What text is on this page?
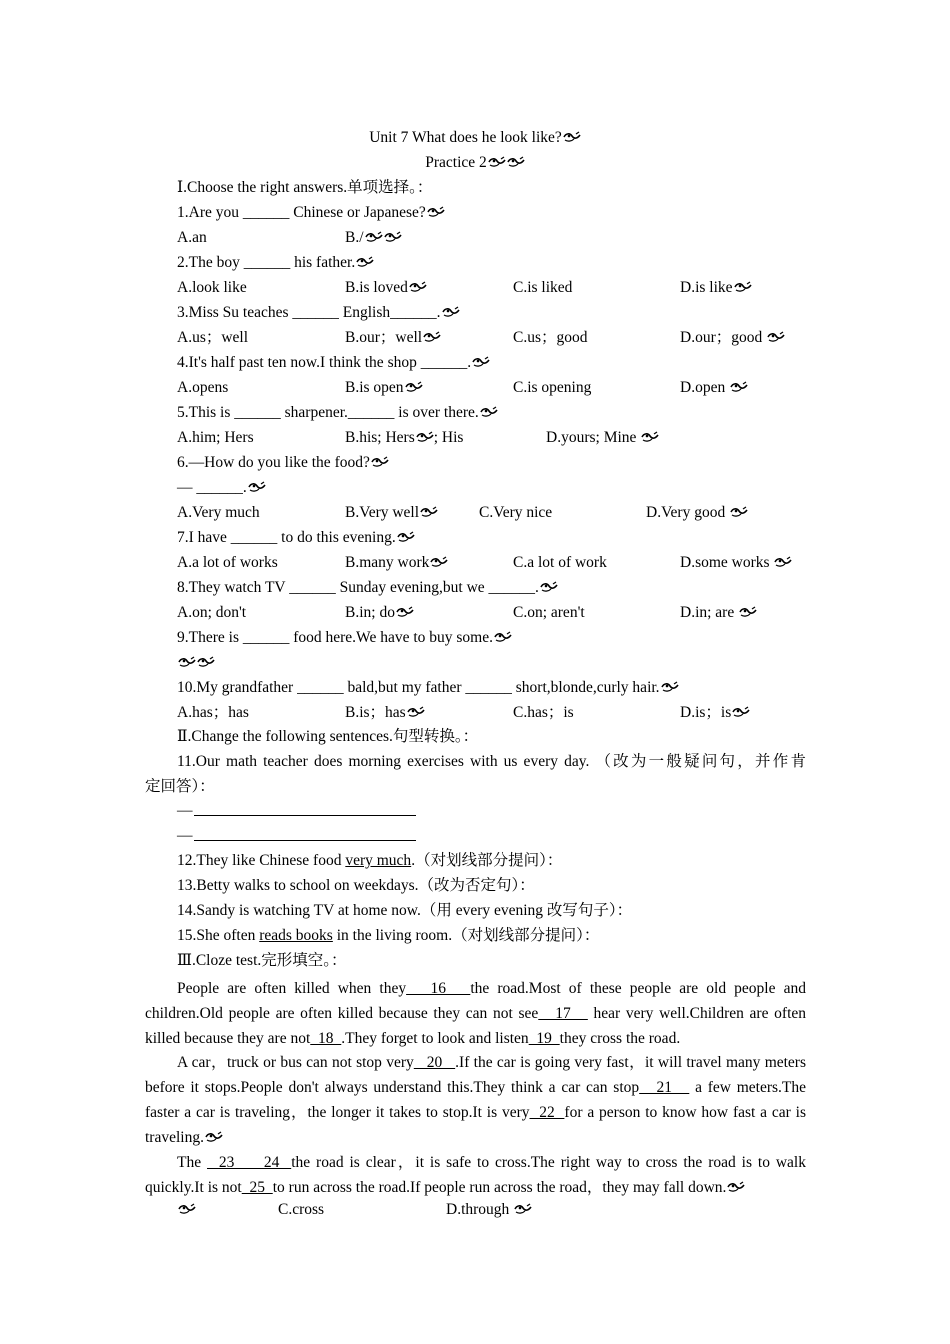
Unit 7 What does he look like?
Practice 2
Ⅰ.Choose the right answers.单项选择。：
1.Are you ______ Chinese or Japanese?
A.an	B./
2.The boy ______ his father.
A.look like	B.is loved	C.is liked	D.is like
3.Miss Su teaches ______ English______.
A.us；well	B.our；well	C.us；good	D.our；good
4.It's half past ten now.I think the shop ______.
A.opens	B.is open	C.is opening	D.open
5.This is ______ sharpener.______ is over there.
A.him; Hers	B.his; Hers ; His	D.yours; Mine
6.—How do you like the food?
— ______.
A.Very much	B.Very well	C.Very nice	D.Very good
7.I have ______ to do this evening.
A.a lot of works	B.many work	C.a lot of work	D.some works
8.They watch TV ______ Sunday evening,but we ______.
A.on; don't	B.in; do	C.on; aren't	D.in; are
9.There is ______ food here.We have to buy some.
10.My grandfather ______ bald,but my father ______ short,blonde,curly hair.
A.has；has	B.is；has	C.has；is	D.is；is
Ⅱ.Change the following sentences.句型转换。：
11.Our math teacher does morning exercises with us every day. （改为一般疑问句，并作肯
定回答）：
—
—
12.They like Chinese food very much.（对划线部分提问）：
13.Betty walks to school on weekdays.（改为否定句）：
14.Sandy is watching TV at home now.（用 every evening 改写句子）：
15.She often reads books in the living room.（对划线部分提问）：
Ⅲ.Cloze test.完形填空。：
People are often killed when they   16   the road.Most of these people are old people and children.Old people are often killed because they can not see   17    hear very well.Children are often killed because they are not  18  .They forget to look and listen  19  they cross the road.
A car，truck or bus can not stop very   20   .If the car is going very fast，it will travel many meters before it stops.People don't always understand this.They think a car can stop   21    a few meters.The faster a car is traveling，the longer it takes to stop.It is very  22  for a person to know how fast a car is traveling.
The   23     24  the road is clear，it is safe to cross.The right way to cross the road is to walk quickly.It is not  25  to run across the road.If people run across the road，they may fall down.
C.cross	D.through
